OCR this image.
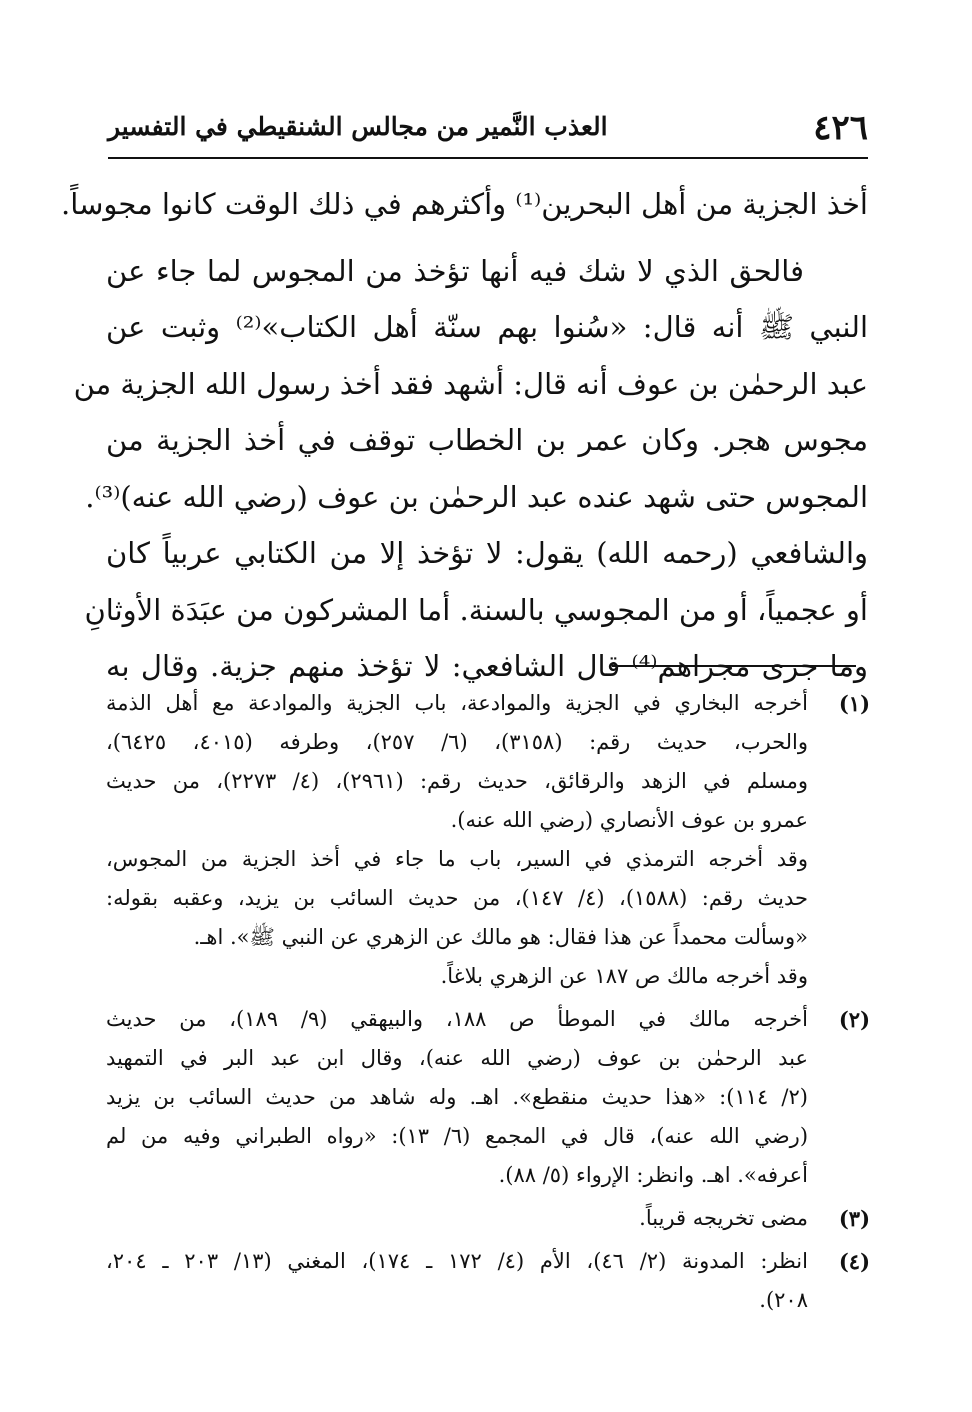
العذب النَّمير من مجالس الشنقيطي في التفسير	٤٢٦
أخذ الجزية من أهل البحرين⁽¹⁾ وأكثرهم في ذلك الوقت كانوا مجوساً.
فالحق الذي لا شك فيه أنها تؤخذ من المجوس لما جاء عن
النبي ﷺ أنه قال: «سُنوا بهم سنّة أهل الكتاب»⁽²⁾ وثبت عن
عبد الرحمٰن بن عوف أنه قال: أشهد فقد أخذ رسول الله الجزية من
مجوس هجر. وكان عمر بن الخطاب توقف في أخذ الجزية من
المجوس حتى شهد عنده عبد الرحمٰن بن عوف (رضي الله عنه)⁽³⁾.
والشافعي (رحمه الله) يقول: لا تؤخذ إلا من الكتابي عربياً كان
أو عجمياً، أو من المجوسي بالسنة. أما المشركون من عبَدَة الأوثانِ
وما جرى مجراهم⁽⁴⁾ قال الشافعي: لا تؤخذ منهم جزية. وقال به
(١)
أخرجه البخاري في الجزية والموادعة، باب الجزية والموادعة مع أهل الذمة
والحرب، حديث رقم: (٣١٥٨)، (٦/ ٢٥٧)، وطرفه (٤٠١٥، ٦٤٢٥)،
ومسلم في الزهد والرقائق، حديث رقم: (٢٩٦١)، (٤/ ٢٢٧٣)، من حديث
عمرو بن عوف الأنصاري (رضي الله عنه).
وقد أخرجه الترمذي في السير، باب ما جاء في أخذ الجزية من المجوس،
حديث رقم: (١٥٨٨)، (٤/ ١٤٧)، من حديث السائب بن يزيد، وعقبه بقوله:
«وسألت محمداً عن هذا فقال: هو مالك عن الزهري عن النبي ﷺ». اهـ.
وقد أخرجه مالك ص ١٨٧ عن الزهري بلاغاً.
(٢)
أخرجه مالك في الموطأ ص ١٨٨، والبيهقي (٩/ ١٨٩)، من حديث
عبد الرحمٰن بن عوف (رضي الله عنه)، وقال ابن عبد البر في التمهيد
(٢/ ١١٤): «هذا حديث منقطع». اهـ. وله شاهد من حديث السائب بن يزيد
(رضي الله عنه)، قال في المجمع (٦/ ١٣): «رواه الطبراني وفيه من لم
أعرفه». اهـ. وانظر: الإرواء (٥/ ٨٨).
(٣)
مضى تخريجه قريباً.
(٤)
انظر: المدونة (٢/ ٤٦)، الأم (٤/ ١٧٢ ـ ١٧٤)، المغني (١٣/ ٢٠٣ ـ ٢٠٤،
٢٠٨).
